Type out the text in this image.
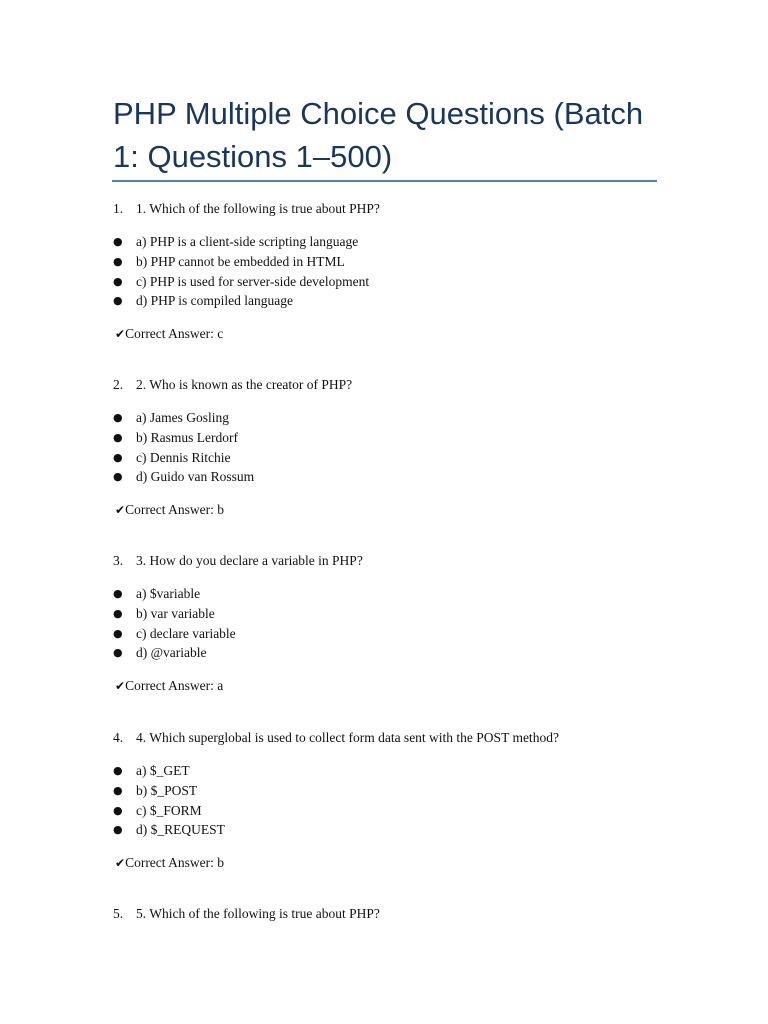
PHP Multiple Choice Questions (Batch 1: Questions 1–500)
1. 1. Which of the following is true about PHP?
● a) PHP is a client-side scripting language
● b) PHP cannot be embedded in HTML
● c) PHP is used for server-side development
● d) PHP is compiled language
✔Correct Answer: c
2. 2. Who is known as the creator of PHP?
● a) James Gosling
● b) Rasmus Lerdorf
● c) Dennis Ritchie
● d) Guido van Rossum
✔Correct Answer: b
3. 3. How do you declare a variable in PHP?
● a) $variable
● b) var variable
● c) declare variable
● d) @variable
✔Correct Answer: a
4. 4. Which superglobal is used to collect form data sent with the POST method?
● a) $_GET
● b) $_POST
● c) $_FORM
● d) $_REQUEST
✔Correct Answer: b
5. 5. Which of the following is true about PHP?
